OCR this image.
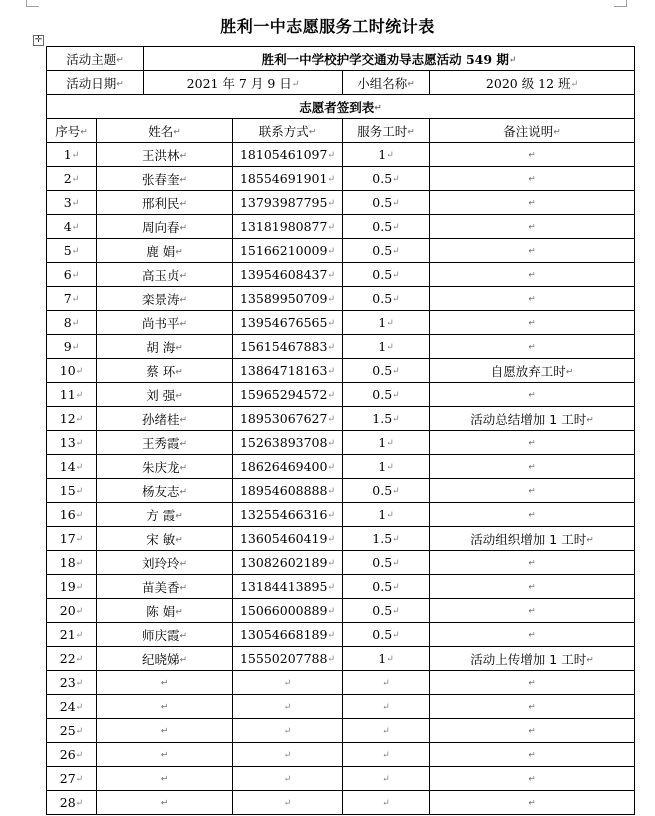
胜利一中志愿服务工时统计表
✛
活动主题↵		胜利一中学校护学交通劝导志愿活动 549 期↵			
活动日期↵		2021 年 7 月 9 日↵		小组名称↵	2020 级 12 班↵
志愿者签到表↵					
序号↵	姓名↵		联系方式↵	服务工时↵	备注说明↵
1↵	王洪林↵		18105461097↵	1↵	↵
2↵	张春奎↵		18554691901↵	0.5↵	↵
3↵	邢利民↵		13793987795↵	0.5↵	↵
4↵	周向春↵		13181980877↵	0.5↵	↵
5↵	鹿 娟↵		15166210009↵	0.5↵	↵
6↵	高玉贞↵		13954608437↵	0.5↵	↵
7↵	栾景涛↵		13589950709↵	0.5↵	↵
8↵	尚书平↵		13954676565↵	1↵	↵
9↵	胡 海↵		15615467883↵	1↵	↵
10↵	蔡 环↵		13864718163↵	0.5↵	自愿放弃工时↵
11↵	刘 强↵		15965294572↵	0.5↵	↵
12↵	孙绪桂↵		18953067627↵	1.5↵	活动总结增加 1 工时↵
13↵	王秀霞↵		15263893708↵	1↵	↵
14↵	朱庆龙↵		18626469400↵	1↵	↵
15↵	杨友志↵		18954608888↵	0.5↵	↵
16↵	方 霞↵		13255466316↵	1↵	↵
17↵	宋 敏↵		13605460419↵	1.5↵	活动组织增加 1 工时↵
18↵	刘玲玲↵		13082602189↵	0.5↵	↵
19↵	苗美香↵		13184413895↵	0.5↵	↵
20↵	陈 娟↵		15066000889↵	0.5↵	↵
21↵	师庆霞↵		13054668189↵	0.5↵	↵
22↵	纪晓娣↵		15550207788↵	1↵	活动上传增加 1 工时↵
23↵	↵		↵	↵	↵
24↵	↵		↵	↵	↵
25↵	↵		↵	↵	↵
26↵	↵		↵	↵	↵
27↵	↵		↵	↵	↵
28↵	↵		↵	↵	↵
